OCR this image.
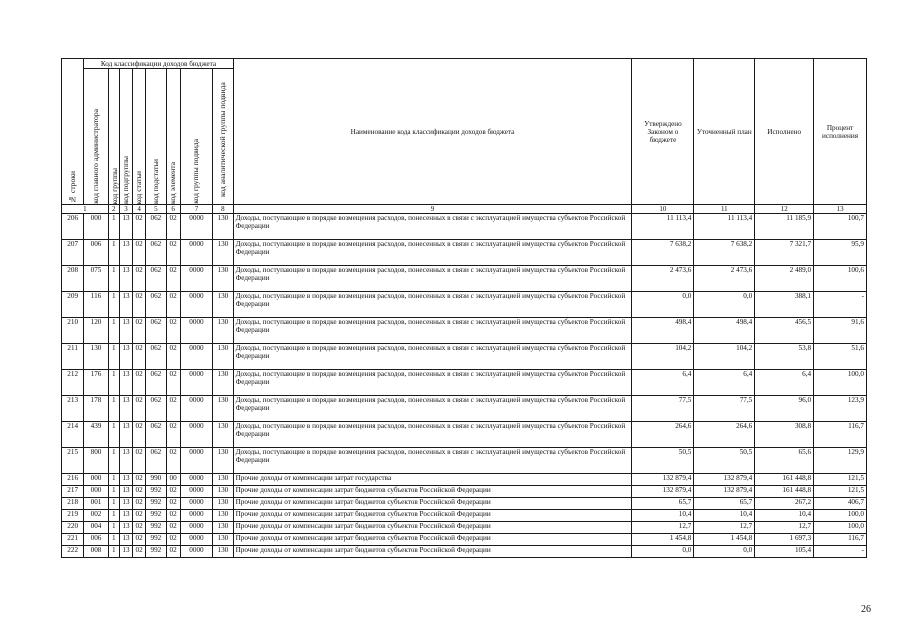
№ строки	Код классификации доходов бюджета								Наименование кода классификации доходов бюджета	Утверждено Законом о бюджете	Уточненный план	Исполнено	Процент исполнения

	код главного администратора	код группы	код подгруппы	код статьи	код подстатьи	код элемента	код группы подвида	код аналитической группы подвида					

1		2	3	4	5	6	7	8	9	10	11	12	13
206	000	1	13	02	062	02	0000	130	Доходы, поступающие в порядке возмещения расходов, понесенных в связи с эксплуатацией имущества субъектов Российской Федерации	11 113,4	11 113,4	11 185,9	100,7
207	006	1	13	02	062	02	0000	130	Доходы, поступающие в порядке возмещения расходов, понесенных в связи с эксплуатацией имущества субъектов Российской Федерации	7 638,2	7 638,2	7 321,7	95,9
208	075	1	13	02	062	02	0000	130	Доходы, поступающие в порядке возмещения расходов, понесенных в связи с эксплуатацией имущества субъектов Российской Федерации	2 473,6	2 473,6	2 489,0	100,6
209	116	1	13	02	062	02	0000	130	Доходы, поступающие в порядке возмещения расходов, понесенных в связи с эксплуатацией имущества субъектов Российской Федерации	0,0	0,0	388,1	-
210	120	1	13	02	062	02	0000	130	Доходы, поступающие в порядке возмещения расходов, понесенных в связи с эксплуатацией имущества субъектов Российской Федерации	498,4	498,4	456,5	91,6
211	130	1	13	02	062	02	0000	130	Доходы, поступающие в порядке возмещения расходов, понесенных в связи с эксплуатацией имущества субъектов Российской Федерации	104,2	104,2	53,8	51,6
212	176	1	13	02	062	02	0000	130	Доходы, поступающие в порядке возмещения расходов, понесенных в связи с эксплуатацией имущества субъектов Российской Федерации	6,4	6,4	6,4	100,0
213	178	1	13	02	062	02	0000	130	Доходы, поступающие в порядке возмещения расходов, понесенных в связи с эксплуатацией имущества субъектов Российской Федерации	77,5	77,5	96,0	123,9
214	439	1	13	02	062	02	0000	130	Доходы, поступающие в порядке возмещения расходов, понесенных в связи с эксплуатацией имущества субъектов Российской Федерации	264,6	264,6	308,8	116,7
215	800	1	13	02	062	02	0000	130	Доходы, поступающие в порядке возмещения расходов, понесенных в связи с эксплуатацией имущества субъектов Российской Федерации	50,5	50,5	65,6	129,9
216	000	1	13	02	990	00	0000	130	Прочие доходы от компенсации затрат государства	132 879,4	132 879,4	161 448,8	121,5
217	000	1	13	02	992	02	0000	130	Прочие доходы от компенсации затрат бюджетов субъектов Российской Федерации	132 879,4	132 879,4	161 448,8	121,5
218	001	1	13	02	992	02	0000	130	Прочие доходы от компенсации затрат бюджетов субъектов Российской Федерации	65,7	65,7	267,2	406,7
219	002	1	13	02	992	02	0000	130	Прочие доходы от компенсации затрат бюджетов субъектов Российской Федерации	10,4	10,4	10,4	100,0
220	004	1	13	02	992	02	0000	130	Прочие доходы от компенсации затрат бюджетов субъектов Российской Федерации	12,7	12,7	12,7	100,0
221	006	1	13	02	992	02	0000	130	Прочие доходы от компенсации затрат бюджетов субъектов Российской Федерации	1 454,8	1 454,8	1 697,3	116,7
222	008	1	13	02	992	02	0000	130	Прочие доходы от компенсации затрат бюджетов субъектов Российской Федерации	0,0	0,0	105,4	-
26
